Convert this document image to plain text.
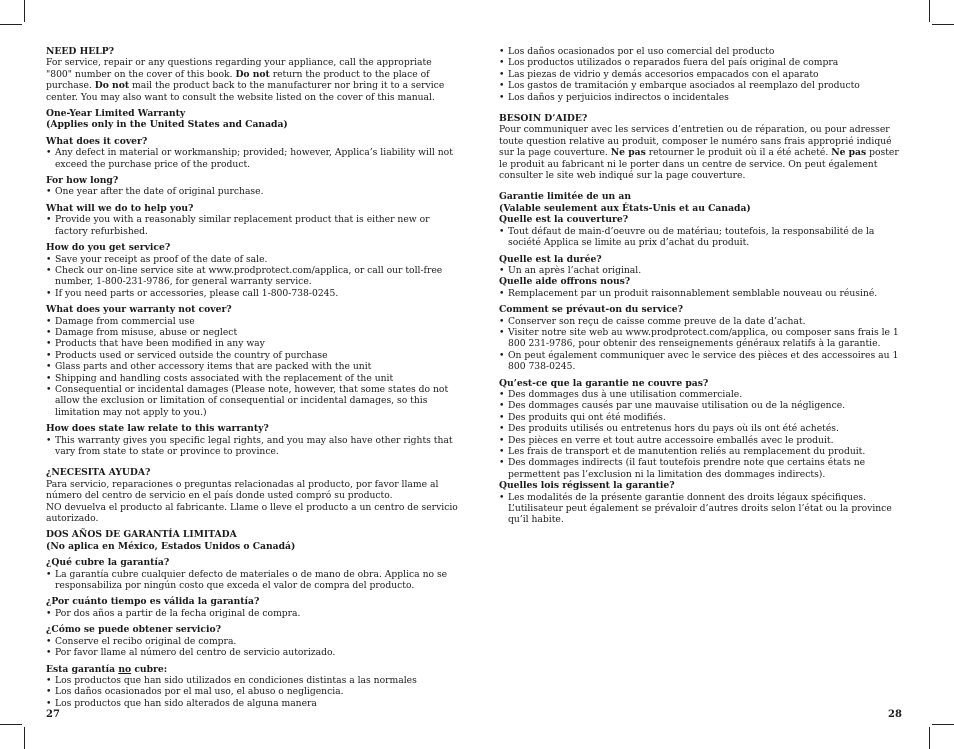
NEED HELP?

For service, repair or any questions regarding your appliance, call the appropriate "800" number on the cover of this book. Do not return the product to the place of purchase. Do not mail the product back to the manufacturer nor bring it to a service center. You may also want to consult the website listed on the cover of this manual.

One-Year Limited Warranty
(Applies only in the United States and Canada)
What does it cover?
• Any defect in material or workmanship; provided; however, Applica’s liability will not exceed the purchase price of the product.
For how long?
• One year after the date of original purchase.
What will we do to help you?
• Provide you with a reasonably similar replacement product that is either new or factory refurbished.
How do you get service?
• Save your receipt as proof of the date of sale.
• Check our on-line service site at www.prodprotect.com/applica, or call our toll-free number, 1-800-231-9786, for general warranty service.
• If you need parts or accessories, please call 1-800-738-0245.
What does your warranty not cover?
• Damage from commercial use
• Damage from misuse, abuse or neglect
• Products that have been modified in any way
• Products used or serviced outside the country of purchase
• Glass parts and other accessory items that are packed with the unit
• Shipping and handling costs associated with the replacement of the unit
• Consequential or incidental damages (Please note, however, that some states do not allow the exclusion or limitation of consequential or incidental damages, so this limitation may not apply to you.)
How does state law relate to this warranty?
• This warranty gives you specific legal rights, and you may also have other rights that vary from state to state or province to province.
¿NECESITA AYUDA?

Para servicio, reparaciones o preguntas relacionadas al producto, por favor llame al número del centro de servicio en el país donde usted compró su producto.

NO devuelva el producto al fabricante. Llame o lleve el producto a un centro de servicio autorizado.

DOS AÑOS DE GARANTÍA LIMITADA
(No aplica en México, Estados Unidos o Canadá)
¿Qué cubre la garantía?
• La garantía cubre cualquier defecto de materiales o de mano de obra. Applica no se responsabiliza por ningún costo que exceda el valor de compra del producto.
¿Por cuánto tiempo es válida la garantía?
• Por dos años a partir de la fecha original de compra.
¿Cómo se puede obtener servicio?
• Conserve el recibo original de compra.
• Por favor llame al número del centro de servicio autorizado.
Esta garantía no cubre:
• Los productos que han sido utilizados en condiciones distintas a las normales
• Los daños ocasionados por el mal uso, el abuso o negligencia.
• Los productos que han sido alterados de alguna manera
• Los daños ocasionados por el uso comercial del producto
• Los productos utilizados o reparados fuera del país original de compra
• Las piezas de vidrio y demás accesorios empacados con el aparato
• Los gastos de tramitación y embarque asociados al reemplazo del producto
• Los daños y perjuicios indirectos o incidentales
BESOIN D’AIDE?

Pour communiquer avec les services d’entretien ou de réparation, ou pour adresser toute question relative au produit, composer le numéro sans frais approprié indiqué sur la page couverture. Ne pas retourner le produit où il a été acheté. Ne pas poster le produit au fabricant ni le porter dans un centre de service. On peut également consulter le site web indiqué sur la page couverture.

Garantie limitée de un an
(Valable seulement aux États-Unis et au Canada)
Quelle est la couverture?
• Tout défaut de main-d’oeuvre ou de matériau; toutefois, la responsabilité de la société Applica se limite au prix d’achat du produit.
Quelle est la durée?
• Un an après l’achat original.
Quelle aide offrons nous?
• Remplacement par un produit raisonnablement semblable nouveau ou réusiné.
Comment se prévaut-on du service?
• Conserver son reçu de caisse comme preuve de la date d’achat.
• Visiter notre site web au www.prodprotect.com/applica, ou composer sans frais le 1 800 231-9786, pour obtenir des renseignements généraux relatifs à la garantie.
• On peut également communiquer avec le service des pièces et des accessoires au 1 800 738-0245.
Qu’est-ce que la garantie ne couvre pas?
• Des dommages dus à une utilisation commerciale.
• Des dommages causés par une mauvaise utilisation ou de la négligence.
• Des produits qui ont été modifiés.
• Des produits utilisés ou entretenus hors du pays où ils ont été achetés.
• Des pièces en verre et tout autre accessoire emballés avec le produit.
• Les frais de transport et de manutention reliés au remplacement du produit.
• Des dommages indirects (il faut toutefois prendre note que certains états ne permettent pas l’exclusion ni la limitation des dommages indirects).
Quelles lois régissent la garantie?
• Les modalités de la présente garantie donnent des droits légaux spécifiques. L’utilisateur peut également se prévaloir d’autres droits selon l’état ou la province qu’il habite.
27	28
